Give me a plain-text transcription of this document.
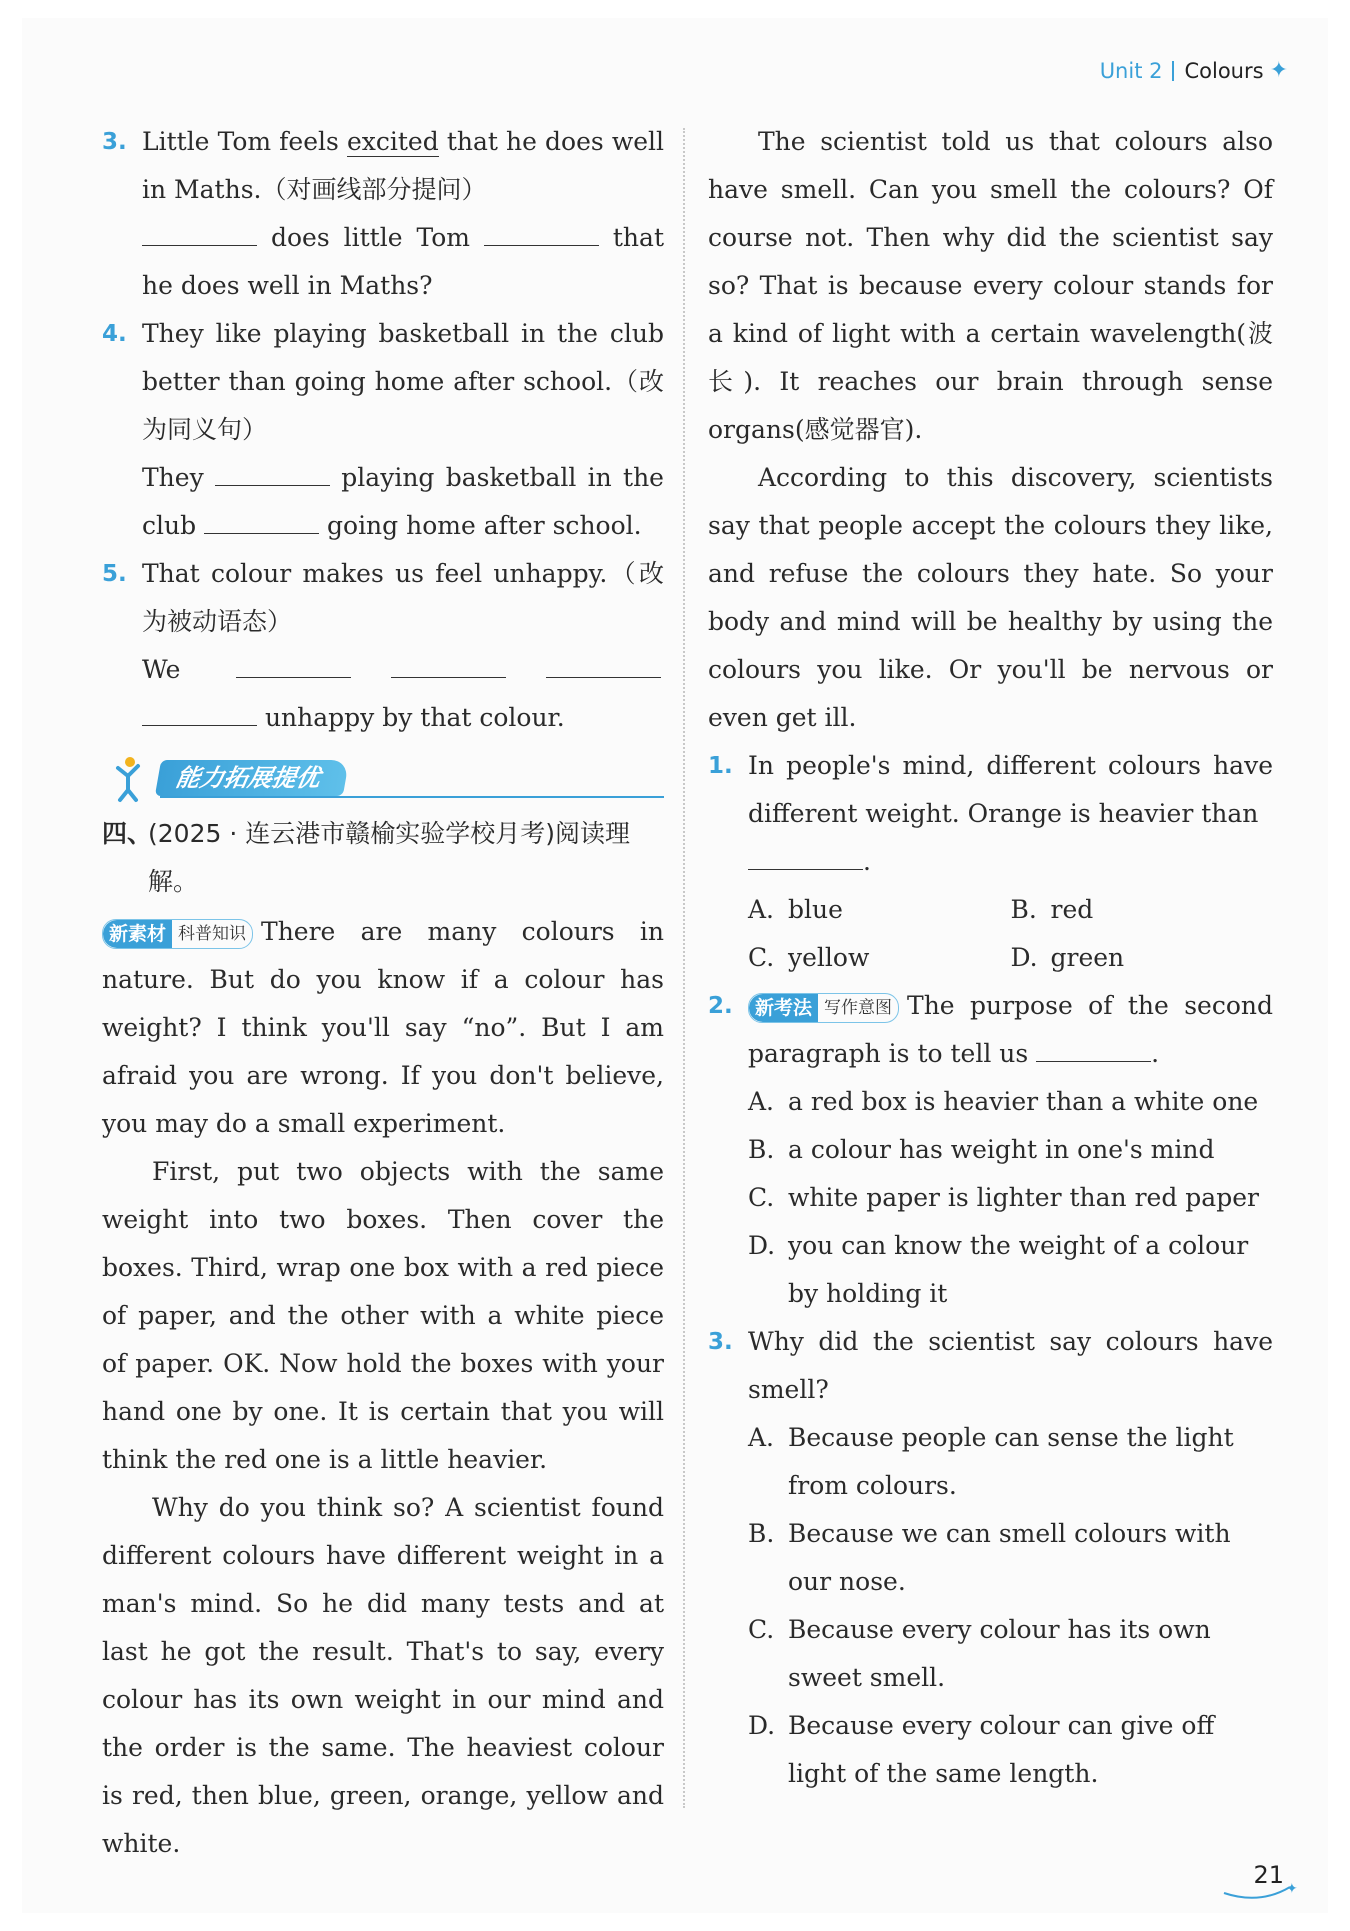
Unit 2 Colours ✦
3. Little Tom feels excited that he does well in Maths.（对画线部分提问）

does little Tom	that he does well in Maths?

4. They like playing basketball in the club better than going home after school.（改为同义句）

They	playing basketball in the club	going home after school.

5. That colour makes us feel unhappy.（改为被动语态）

We

unhappy by that colour.

能力拓展提优
四、
(2025 · 连云港市赣榆实验学校月考)阅读理解。

新素材 科普知识 There are many colours in nature. But do you know if a colour has weight? I think you'll say “no”. But I am afraid you are wrong. If you don't believe, you may do a small experiment.

First, put two objects with the same weight into two boxes. Then cover the boxes. Third, wrap one box with a red piece of paper, and the other with a white piece of paper. OK. Now hold the boxes with your hand one by one. It is certain that you will think the red one is a little heavier.

Why do you think so? A scientist found different colours have different weight in a man's mind. So he did many tests and at last he got the result. That's to say, every colour has its own weight in our mind and the order is the same. The heaviest colour is red, then blue, green, orange, yellow and white.

The scientist told us that colours also have smell. Can you smell the colours? Of course not. Then why did the scientist say so? That is because every colour stands for a kind of light with a certain wavelength(波长). It reaches our brain through sense organs(感觉器官).

According to this discovery, scientists say that people accept the colours they like, and refuse the colours they hate. So your body and mind will be healthy by using the colours you like. Or you'll be nervous or even get ill.

1. In people's mind, different colours have different weight. Orange is heavier than

.

A. blue	B. red
C. yellow	D. green
2.	新考法 写作意图 The purpose of the second paragraph is to tell us	.

A. a red box is heavier than a white one
B. a colour has weight in one's mind
C. white paper is lighter than red paper
D. you can know the weight of a colour by holding it
3. Why did the scientist say colours have smell?

A. Because people can sense the light from colours.
B. Because we can smell colours with our nose.
C. Because every colour has its own sweet smell.
D. Because every colour can give off light of the same length.
✦
21
